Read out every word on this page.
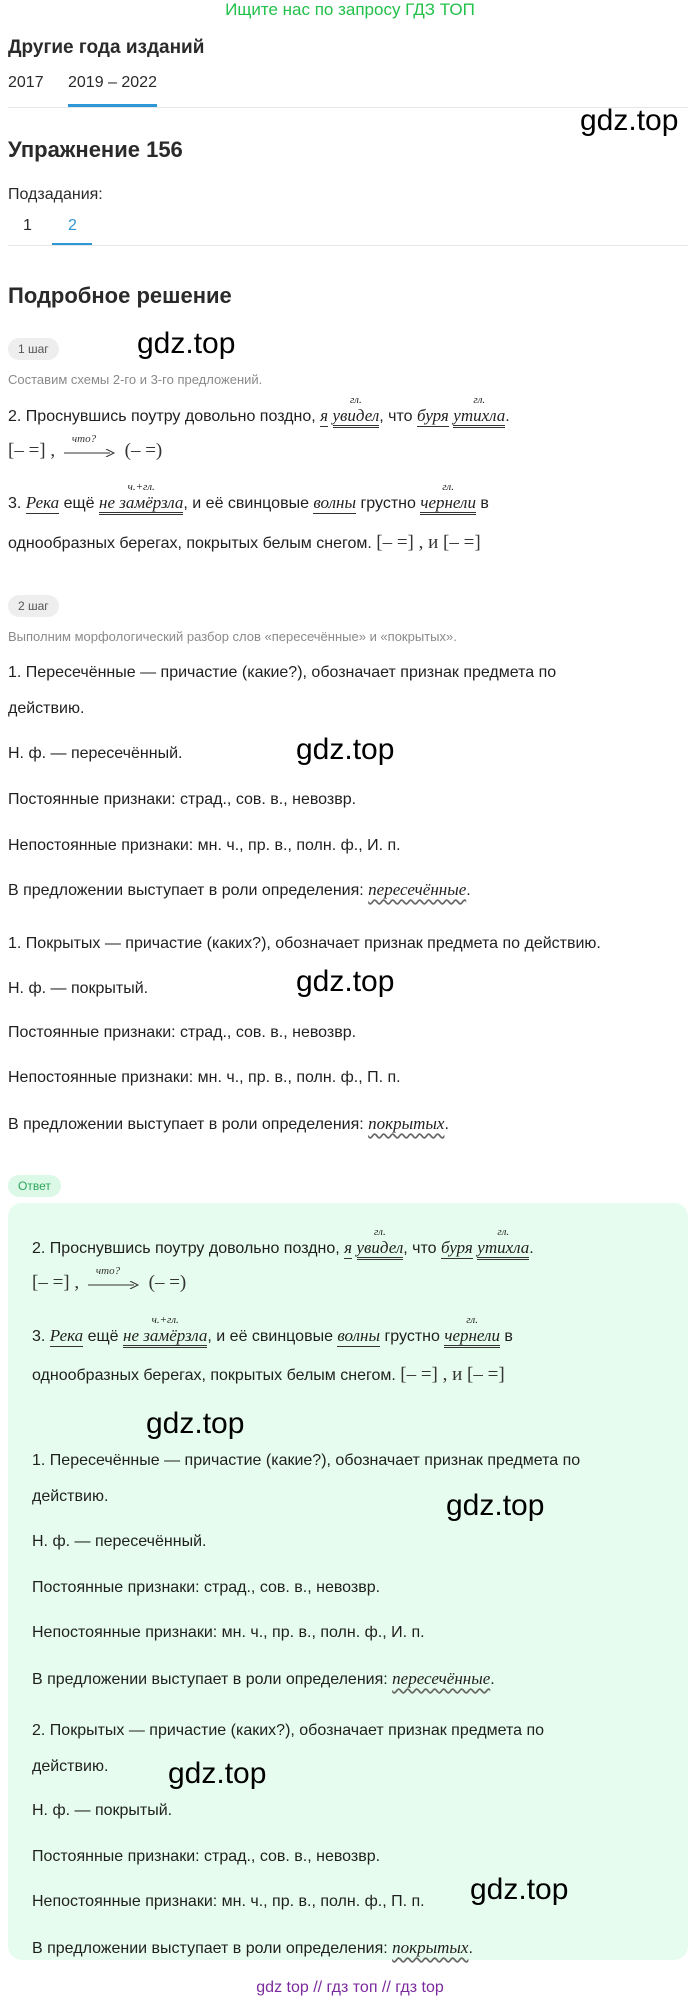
Ищите нас по запросу ГДЗ ТОП
Другие года изданий
2017 2019 – 2022
gdz.top
Упражнение 156
Подзадания:
1 2
Подробное решение
1 шаг	gdz.top
Составим схемы 2-го и 3-го предложений.
2. Проснувшись поутру довольно поздно, я гл. увидел, что буря гл. утихла.
[– =] ,
что?
(– =)
3. Река ещё ч.+гл. не замёрзла, и её свинцовые волны грустно гл. чернели в
однообразных берегах, покрытых белым снегом. [– =] , и [– =]
2 шаг
Выполним морфологический разбор слов «пересечённые» и «покрытых».
1. Пересечённые — причастие (какие?), обозначает признак предмета по
действию.
Н. ф. — пересечённый.	gdz.top
Постоянные признаки: страд., сов. в., невозвр.
Непостоянные признаки: мн. ч., пр. в., полн. ф., И. п.
В предложении выступает в роли определения: пересечённые.
1. Покрытых — причастие (каких?), обозначает признак предмета по действию.
Н. ф. — покрытый.	gdz.top
Постоянные признаки: страд., сов. в., невозвр.
Непостоянные признаки: мн. ч., пр. в., полн. ф., П. п.
В предложении выступает в роли определения: покрытых.
Ответ
2. Проснувшись поутру довольно поздно, я гл. увидел, что буря гл. утихла.
[– =] ,
что?
(– =)
3. Река ещё ч.+гл. не замёрзла, и её свинцовые волны грустно гл. чернели в
однообразных берегах, покрытых белым снегом. [– =] , и [– =]
gdz.top
1. Пересечённые — причастие (какие?), обозначает признак предмета по
действию.	gdz.top
Н. ф. — пересечённый.
Постоянные признаки: страд., сов. в., невозвр.
Непостоянные признаки: мн. ч., пр. в., полн. ф., И. п.
В предложении выступает в роли определения: пересечённые.
2. Покрытых — причастие (каких?), обозначает признак предмета по
действию. gdz.top
Н. ф. — покрытый.
Постоянные признаки: страд., сов. в., невозвр.
Непостоянные признаки: мн. ч., пр. в., полн. ф., П. п. gdz.top
В предложении выступает в роли определения: покрытых.
gdz top // гдз топ // гдз top
